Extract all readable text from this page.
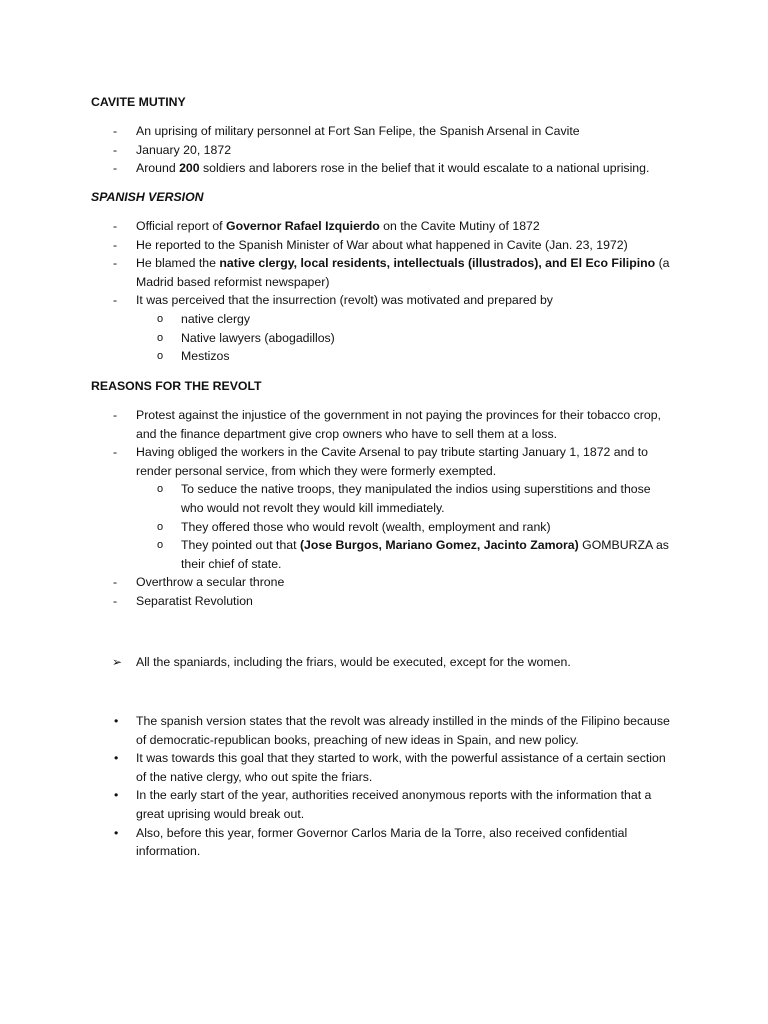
CAVITE MUTINY
- An uprising of military personnel at Fort San Felipe, the Spanish Arsenal in Cavite
- January 20, 1872
- Around 200 soldiers and laborers rose in the belief that it would escalate to a national uprising.
SPANISH VERSION
- Official report of Governor Rafael Izquierdo on the Cavite Mutiny of 1872
- He reported to the Spanish Minister of War about what happened in Cavite (Jan. 23, 1972)
- He blamed the native clergy, local residents, intellectuals (illustrados), and El Eco Filipino (a Madrid based reformist newspaper)
- It was perceived that the insurrection (revolt) was motivated and prepared by
o native clergy
o Native lawyers (abogadillos)
o Mestizos
REASONS FOR THE REVOLT
- Protest against the injustice of the government in not paying the provinces for their tobacco crop, and the finance department give crop owners who have to sell them at a loss.
- Having obliged the workers in the Cavite Arsenal to pay tribute starting January 1, 1872 and to render personal service, from which they were formerly exempted.
o To seduce the native troops, they manipulated the indios using superstitions and those who would not revolt they would kill immediately.
o They offered those who would revolt (wealth, employment and rank)
o They pointed out that (Jose Burgos, Mariano Gomez, Jacinto Zamora) GOMBURZA as their chief of state.
- Overthrow a secular throne
- Separatist Revolution
➢ All the spaniards, including the friars, would be executed, except for the women.
• The spanish version states that the revolt was already instilled in the minds of the Filipino because of democratic-republican books, preaching of new ideas in Spain, and new policy.
• It was towards this goal that they started to work, with the powerful assistance of a certain section of the native clergy, who out spite the friars.
• In the early start of the year, authorities received anonymous reports with the information that a great uprising would break out.
• Also, before this year, former Governor Carlos Maria de la Torre, also received confidential information.
